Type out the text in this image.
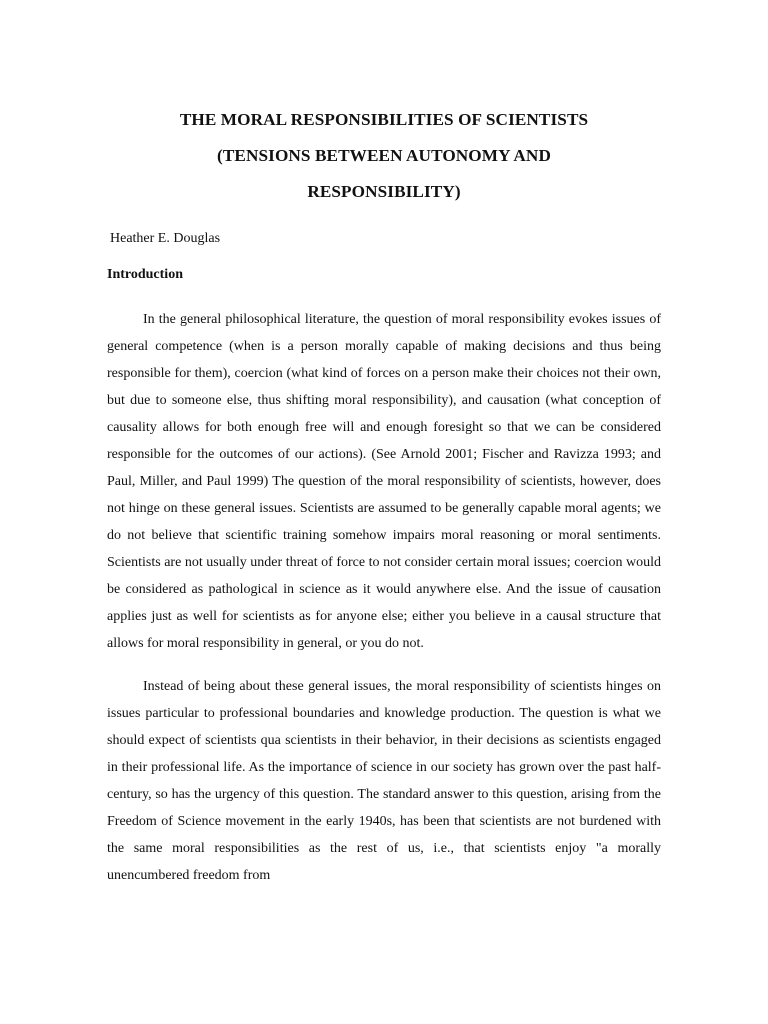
THE MORAL RESPONSIBILITIES OF SCIENTISTS
(TENSIONS BETWEEN AUTONOMY AND
RESPONSIBILITY)
Heather E. Douglas
Introduction

In the general philosophical literature, the question of moral responsibility evokes issues of general competence (when is a person morally capable of making decisions and thus being responsible for them), coercion (what kind of forces on a person make their choices not their own, but due to someone else, thus shifting moral responsibility), and causation (what conception of causality allows for both enough free will and enough foresight so that we can be considered responsible for the outcomes of our actions). (See Arnold 2001; Fischer and Ravizza 1993; and Paul, Miller, and Paul 1999) The question of the moral responsibility of scientists, however, does not hinge on these general issues. Scientists are assumed to be generally capable moral agents; we do not believe that scientific training somehow impairs moral reasoning or moral sentiments. Scientists are not usually under threat of force to not consider certain moral issues; coercion would be considered as pathological in science as it would anywhere else. And the issue of causation applies just as well for scientists as for anyone else; either you believe in a causal structure that allows for moral responsibility in general, or you do not.

Instead of being about these general issues, the moral responsibility of scientists hinges on issues particular to professional boundaries and knowledge production. The question is what we should expect of scientists qua scientists in their behavior, in their decisions as scientists engaged in their professional life. As the importance of science in our society has grown over the past half-century, so has the urgency of this question. The standard answer to this question, arising from the Freedom of Science movement in the early 1940s, has been that scientists are not burdened with the same moral responsibilities as the rest of us, i.e., that scientists enjoy "a morally unencumbered freedom from
